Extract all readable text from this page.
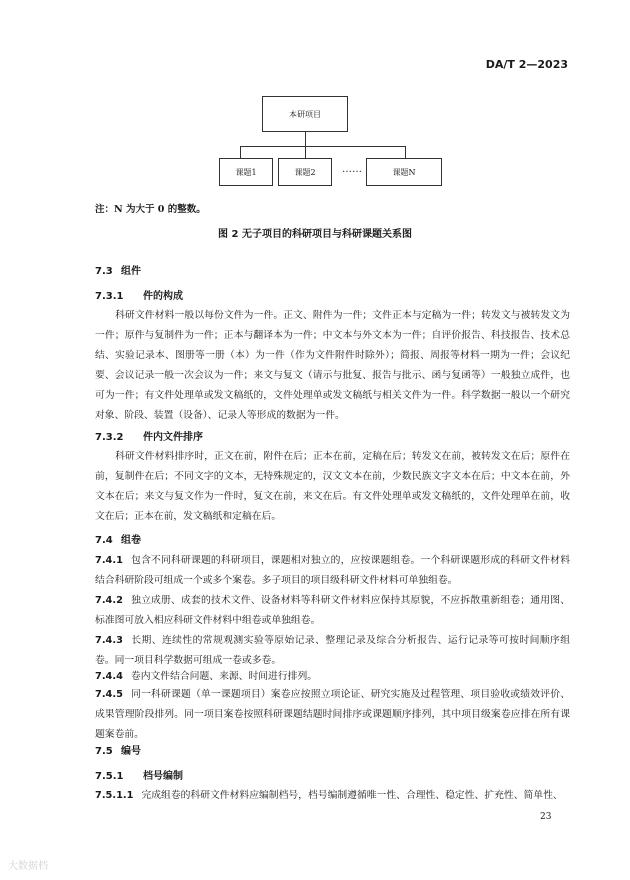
DA/T 2—2023
本研项目
课题1	课题2	……	课题N
注：N 为大于 0 的整数。
图 2 无子项目的科研项目与科研课题关系图
7.3 组件
7.3.1 件的构成
科研文件材料一般以每份文件为一件。正文、附件为一件；文件正本与定稿为一件；转发文与被转发文为一件；原件与复制件为一件；正本与翻译本为一件；中文本与外文本为一件；自评价报告、科技报告、技术总结、实验记录本、图册等一册（本）为一件（作为文件附件时除外）；简报、周报等材料一期为一件；会议纪要、会议记录一般一次会议为一件；来文与复文（请示与批复、报告与批示、函与复函等）一般独立成件，也可为一件；有文件处理单或发文稿纸的，文件处理单或发文稿纸与相关文件为一件。科学数据一般以一个研究对象、阶段、装置（设备）、记录人等形成的数据为一件。
7.3.2 件内文件排序
科研文件材料排序时，正文在前，附件在后；正本在前，定稿在后；转发文在前，被转发文在后；原件在前，复制件在后；不同文字的文本，无特殊规定的，汉文文本在前，少数民族文字文本在后；中文本在前，外文本在后；来文与复文作为一件时，复文在前，来文在后。有文件处理单或发文稿纸的，文件处理单在前，收文在后；正本在前，发文稿纸和定稿在后。
7.4 组卷
7.4.1 包含不同科研课题的科研项目，课题相对独立的，应按课题组卷。一个科研课题形成的科研文件材料结合科研阶段可组成一个或多个案卷。多子项目的项目级科研文件材料可单独组卷。
7.4.2 独立成册、成套的技术文件、设备材料等科研文件材料应保持其原貌，不应拆散重新组卷；通用图、标准图可放入相应科研文件材料中组卷或单独组卷。
7.4.3 长期、连续性的常规观测实验等原始记录、整理记录及综合分析报告、运行记录等可按时间顺序组卷。同一项目科学数据可组成一卷或多卷。
7.4.4 卷内文件结合问题、来源、时间进行排列。
7.4.5 同一科研课题（单一课题项目）案卷应按照立项论证、研究实施及过程管理、项目验收或绩效评价、成果管理阶段排列。同一项目案卷按照科研课题结题时间排序或课题顺序排列，其中项目级案卷应排在所有课题案卷前。
7.5 编号
7.5.1 档号编制
7.5.1.1 完成组卷的科研文件材料应编制档号，档号编制遵循唯一性、合理性、稳定性、扩充性、简单性、
23
大数据档
